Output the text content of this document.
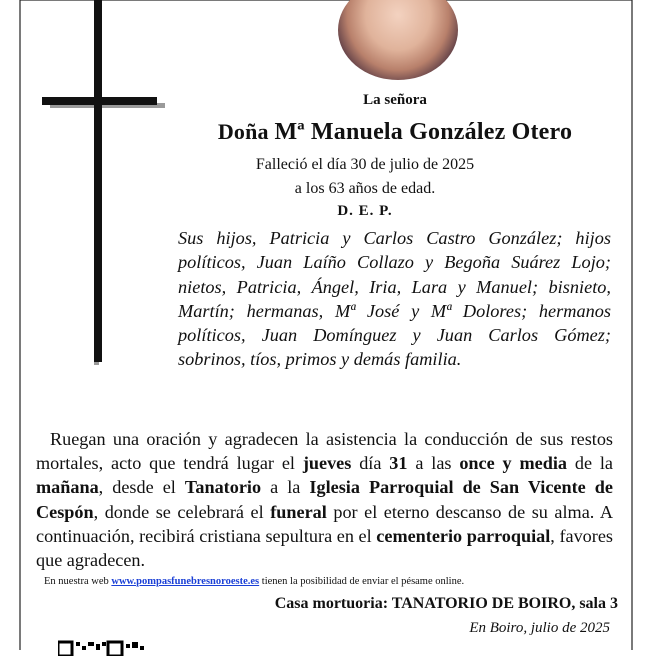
La señora
Doña Mª Manuela González Otero
Falleció el día 30 de julio de 2025
a los 63 años de edad.
D. E. P.
Sus hijos, Patricia y Carlos Castro González; hijos políticos, Juan Laíño Collazo y Begoña Suárez Lojo; nietos, Patricia, Ángel, Iria, Lara y Manuel; bisnieto, Martín; hermanas, Mª José y Mª Dolores; hermanos políticos, Juan Domínguez y Juan Carlos Gómez; sobrinos, tíos, primos y demás familia.
Ruegan una oración y agradecen la asistencia la conducción de sus restos mortales, acto que tendrá lugar el jueves día 31 a las once y media de la mañana, desde el Tanatorio a la Iglesia Parroquial de San Vicente de Cespón, donde se celebrará el funeral por el eterno descanso de su alma. A continuación, recibirá cristiana sepultura en el cementerio parroquial, favores que agradecen.
En nuestra web www.pompasfunebresnoroeste.es tienen la posibilidad de enviar el pésame online.
Casa mortuoria: TANATORIO DE BOIRO, sala 3
En Boiro, julio de 2025
